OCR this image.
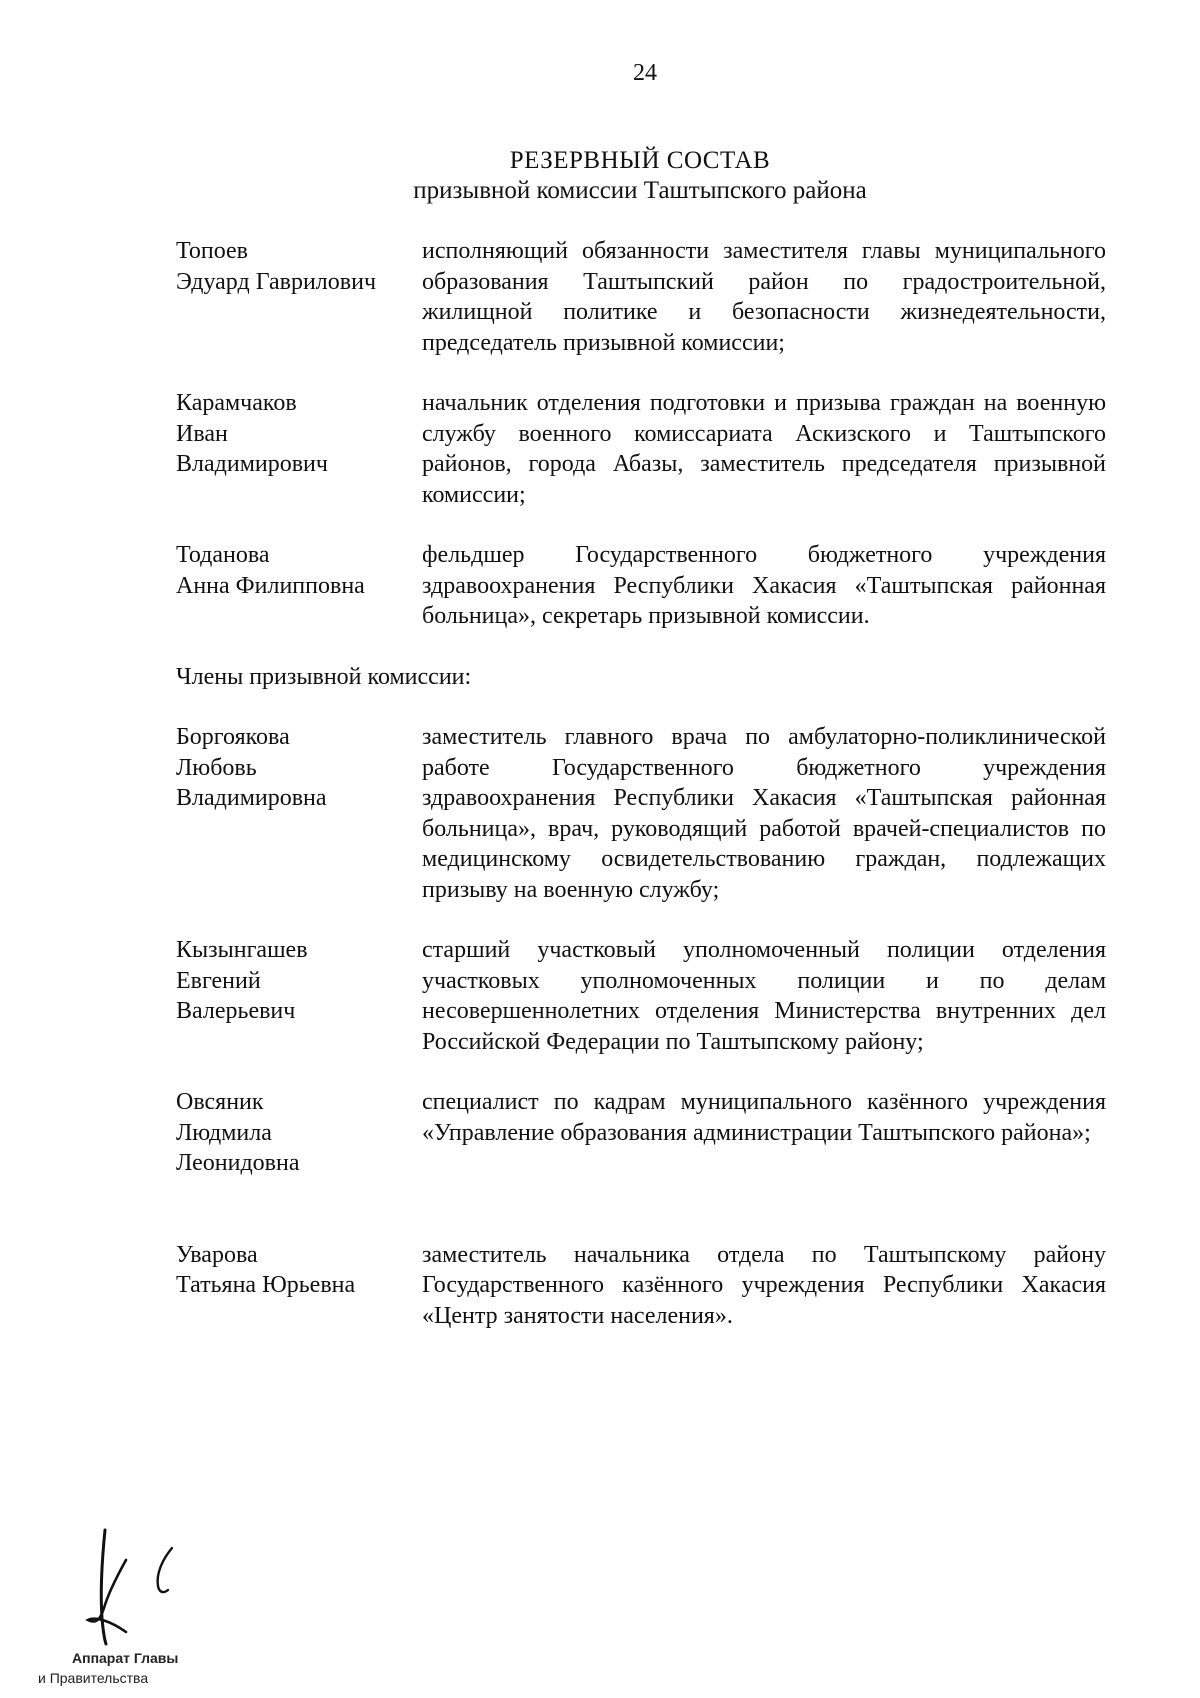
24
РЕЗЕРВНЫЙ СОСТАВ
призывной комиссии Таштыпского района
Топоев
Эдуард Гаврилович
исполняющий обязанности заместителя главы муниципального образования Таштыпский район по градостроительной, жилищной политике и безопасности жизнедеятельности, председатель призывной комиссии;
Карамчаков
Иван
Владимирович
начальник отделения подготовки и призыва граждан на военную службу военного комиссариата Аскизского и Таштыпского районов, города Абазы, заместитель председателя призывной комиссии;
Тоданова
Анна Филипповна
фельдшер Государственного бюджетного учреждения здравоохранения Республики Хакасия «Таштыпская районная больница», секретарь призывной комиссии.

Члены призывной комиссии:

Боргоякова
Любовь
Владимировна
заместитель главного врача по амбулаторно-поликлинической работе Государственного бюджетного учреждения здравоохранения Республики Хакасия «Таштыпская районная больница», врач, руководящий работой врачей-специалистов по медицинскому освидетельствованию граждан, подлежащих призыву на военную службу;
Кызынгашев
Евгений
Валерьевич
старший участковый уполномоченный полиции отделения участковых уполномоченных полиции и по делам несовершеннолетних отделения Министерства внутренних дел Российской Федерации по Таштыпскому району;
Овсяник
Людмила
Леонидовна
специалист по кадрам муниципального казённого учреждения «Управление образования администрации Таштыпского района»;
Уварова
Татьяна Юрьевна
заместитель начальника отдела по Таштыпскому району Государственного казённого учреждения Республики Хакасия «Центр занятости населения».
Аппарат Главы
и Правительства
